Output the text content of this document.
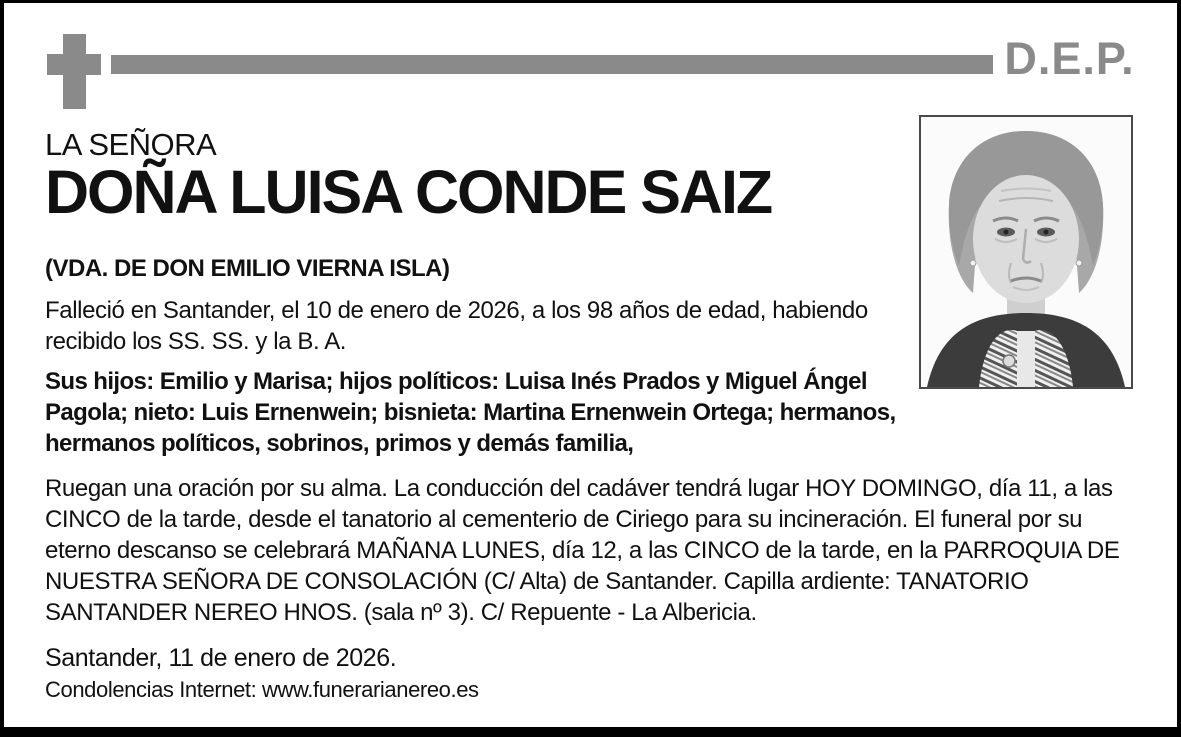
D.E.P.
LA SEÑORA
DOÑA LUISA CONDE SAIZ
(VDA. DE DON EMILIO VIERNA ISLA)

Falleció en Santander, el 10 de enero de 2026, a los 98 años de edad, habiendo recibido los SS. SS. y la B. A.

Sus hijos: Emilio y Marisa; hijos políticos: Luisa Inés Prados y Miguel Ángel Pagola; nieto: Luis Ernenwein; bisnieta: Martina Ernenwein Ortega; hermanos, hermanos políticos, sobrinos, primos y demás familia,

Ruegan una oración por su alma. La conducción del cadáver tendrá lugar HOY DOMINGO, día 11, a las CINCO de la tarde, desde el tanatorio al cementerio de Ciriego para su incineración. El funeral por su eterno descanso se celebrará MAÑANA LUNES, día 12, a las CINCO de la tarde, en la PARROQUIA DE NUESTRA SEÑORA DE CONSOLACIÓN (C/ Alta) de Santander. Capilla ardiente: TANATORIO SANTANDER NEREO HNOS. (sala nº 3). C/ Repuente - La Albericia.

Santander, 11 de enero de 2026.

Condolencias Internet: www.funerarianereo.es
